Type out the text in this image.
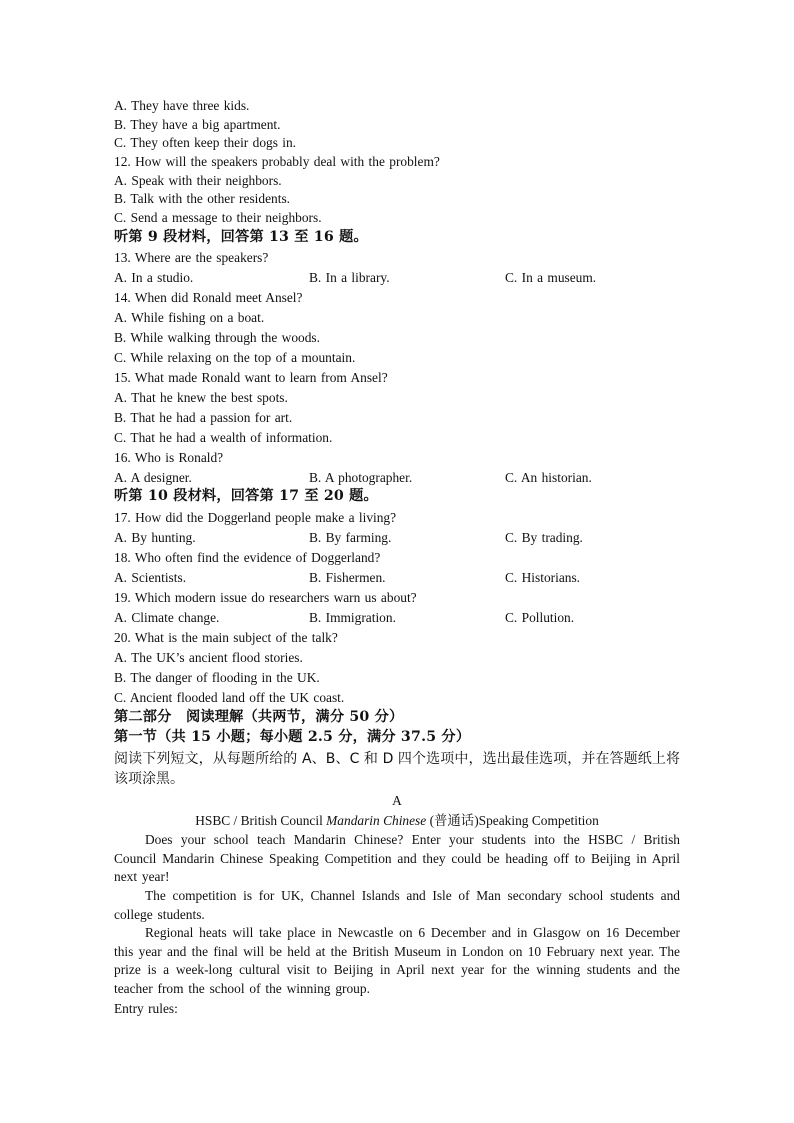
A. They have three kids.
B. They have a big apartment.
C. They often keep their dogs in.
12. How will the speakers probably deal with the problem?
A. Speak with their neighbors.
B. Talk with the other residents.
C. Send a message to their neighbors.
听第 9 段材料，回答第 13 至 16 题。
13. Where are the speakers?
A. In a studio.	B. In a library.	C. In a museum.
14. When did Ronald meet Ansel?
A. While fishing on a boat.
B. While walking through the woods.
C. While relaxing on the top of a mountain.
15. What made Ronald want to learn from Ansel?
A. That he knew the best spots.
B. That he had a passion for art.
C. That he had a wealth of information.
16. Who is Ronald?
A. A designer.	B. A photographer.	C. An historian.
听第 10 段材料，回答第 17 至 20 题。
17. How did the Doggerland people make a living?
A. By hunting.	B. By farming.	C. By trading.
18. Who often find the evidence of Doggerland?
A. Scientists.	B. Fishermen.	C. Historians.
19. Which modern issue do researchers warn us about?
A. Climate change.	B. Immigration.	C. Pollution.
20. What is the main subject of the talk?
A. The UK’s ancient flood stories.
B. The danger of flooding in the UK.
C. Ancient flooded land off the UK coast.
第二部分　阅读理解（共两节，满分 50 分）
第一节（共 15 小题；每小题 2.5 分，满分 37.5 分）
阅读下列短文，从每题所给的 A、B、C 和 D 四个选项中，选出最佳选项，并在答题纸上将该项涂黑。
A
HSBC / British Council Mandarin Chinese (普通话)Speaking Competition
Does your school teach Mandarin Chinese? Enter your students into the HSBC / British Council Mandarin Chinese Speaking Competition and they could be heading off to Beijing in April next year!
The competition is for UK, Channel Islands and Isle of Man secondary school students and college students.
Regional heats will take place in Newcastle on 6 December and in Glasgow on 16 December this year and the final will be held at the British Museum in London on 10 February next year. The prize is a week-long cultural visit to Beijing in April next year for the winning students and the teacher from the school of the winning group.
Entry rules:
